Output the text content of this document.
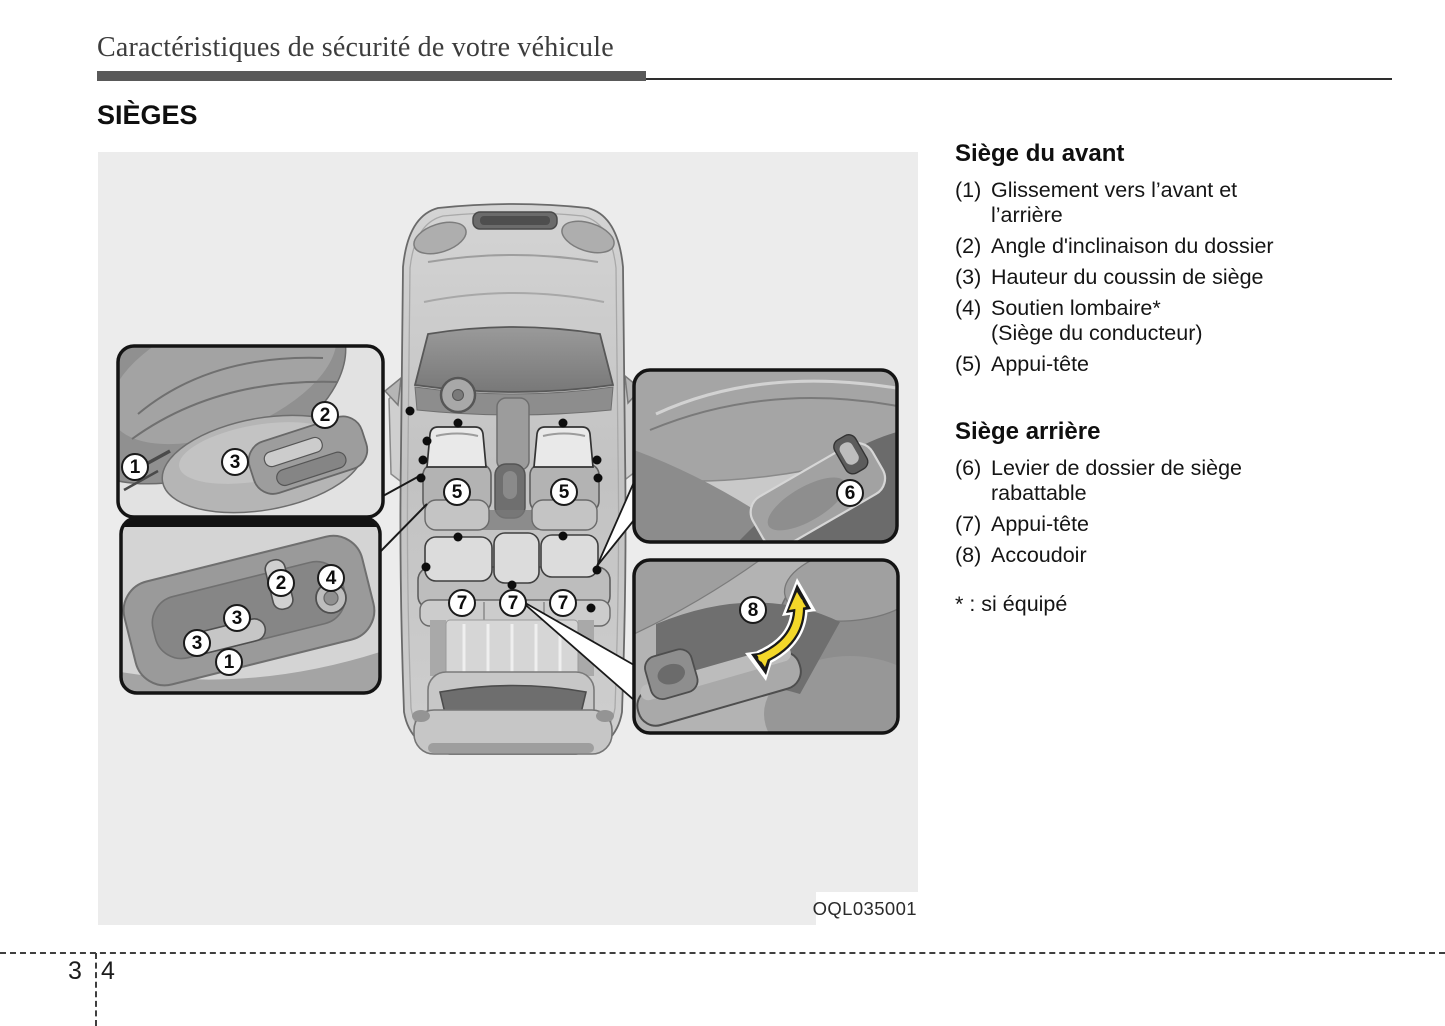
Caractéristiques de sécurité de votre véhicule
SIÈGES
1
2
3
2	4
3
3
1
5	5
7	7	7
6
8
OQL035001
Siège du avant
(1) Glissement vers l’avant et
l’arrière
(2) Angle d'inclinaison du dossier
(3) Hauteur du coussin de siège
(4) Soutien lombaire*
(Siège du conducteur)
(5) Appui-tête
Siège arrière
(6) Levier de dossier de siège
rabattable
(7) Appui-tête
(8) Accoudoir
* : si équipé
3 4
